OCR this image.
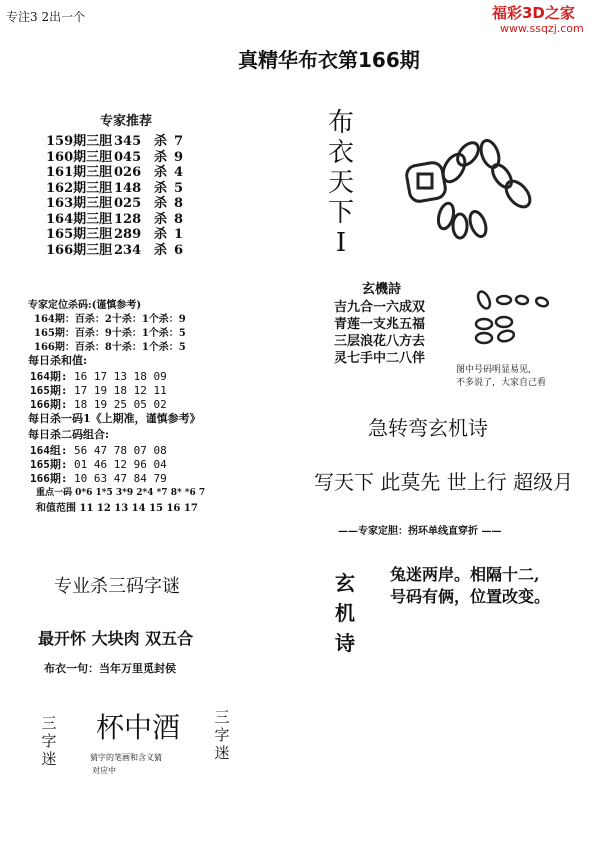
专注3 2出一个	福彩3D之家
www.ssqzj.com
真精华布衣第166期
专家推荐
159期三胆 345 杀 7
160期三胆 045 杀 9
161期三胆 026 杀 4
162期三胆 148 杀 5
163期三胆 025 杀 8
164期三胆 128 杀 8
165期三胆 289 杀 1
166期三胆 234 杀 6
布衣天下I
玄機詩
吉九合一六成双
青莲一支兆五福
三层浪花八方去
灵七手中二八伴
图中号码明显易见,
不多说了，大家自己看
专家定位杀码:(谨慎参考)
164期：百杀：2十杀：1个杀：9
165期：百杀：9十杀：1个杀：5
166期：百杀：8十杀：1个杀：5
每日杀和值:
164期: 16 17 13 18 09
165期: 17 19 18 12 11
166期: 18 19 25 05 02
每日杀一码1《上期准，谨慎参考》
每日杀二码组合:
164组: 56 47 78 07 08
165期: 01 46 12 96 04
166期: 10 63 47 84 79
重点一码 0*6 1*5 3*9 2*4 *7 8* *6 7
和值范围 11 12 13 14 15 16 17
急转弯玄机诗
写天下 此莫先 世上行 超级月
——专家定胆：拐环单线直穿折 ——
玄机诗
兔迷两岸。相隔十二,
号码有俩，位置改变。
专业杀三码字谜
最开怀 大块肉 双五合
布衣一句：当年万里觅封侯
三字迷
杯中酒 三字迷
猜字的笔画和含义猜
对应中
